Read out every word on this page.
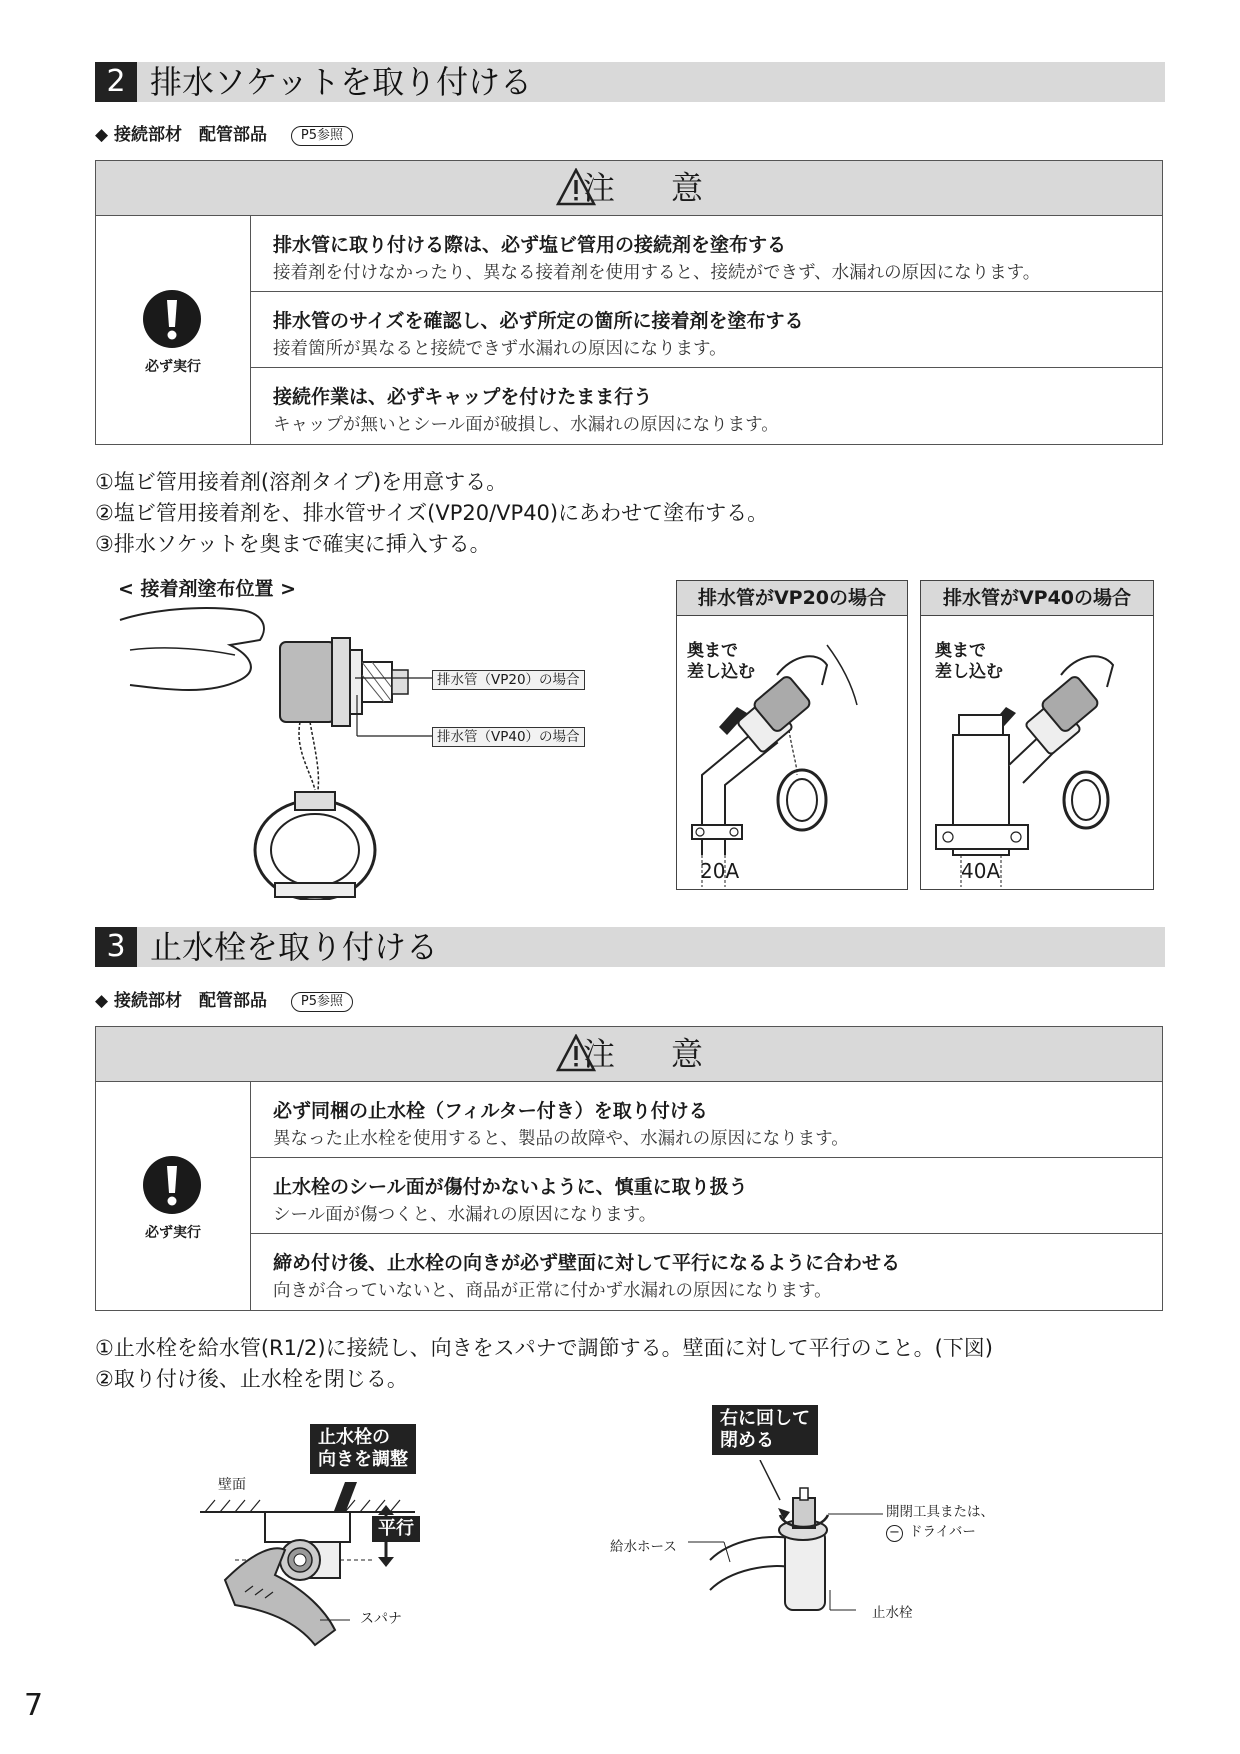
2 排水ソケットを取り付ける
◆ 接続部材　配管部品	P5参照
注　意
必ず実行
排水管に取り付ける際は、必ず塩ビ管用の接続剤を塗布する
接着剤を付けなかったり、異なる接着剤を使用すると、接続ができず、水漏れの原因になります。
排水管のサイズを確認し、必ず所定の箇所に接着剤を塗布する
接着箇所が異なると接続できず水漏れの原因になります。
接続作業は、必ずキャップを付けたまま行う
キャップが無いとシール面が破損し、水漏れの原因になります。
①塩ビ管用接着剤(溶剤タイプ)を用意する。
②塩ビ管用接着剤を、排水管サイズ(VP20/VP40)にあわせて塗布する。
③排水ソケットを奥まで確実に挿入する。
< 接着剤塗布位置 >
排水管（VP20）の場合
排水管（VP40）の場合
排水管がVP20の場合
奥まで
差し込む
20A
排水管がVP40の場合
奥まで
差し込む
40A
3 止水栓を取り付ける
◆ 接続部材　配管部品	P5参照
注　意
必ず実行
必ず同梱の止水栓（フィルター付き）を取り付ける
異なった止水栓を使用すると、製品の故障や、水漏れの原因になります。
止水栓のシール面が傷付かないように、慎重に取り扱う
シール面が傷つくと、水漏れの原因になります。
締め付け後、止水栓の向きが必ず壁面に対して平行になるように合わせる
向きが合っていないと、商品が正常に付かず水漏れの原因になります。
①止水栓を給水管(R1/2)に接続し、向きをスパナで調節する。壁面に対して平行のこと。(下図)
②取り付け後、止水栓を閉じる。
止水栓の
向きを調整
壁面
平行
スパナ
右に回して
閉める
開閉工具または、
− ドライバー
給水ホース
止水栓
7
